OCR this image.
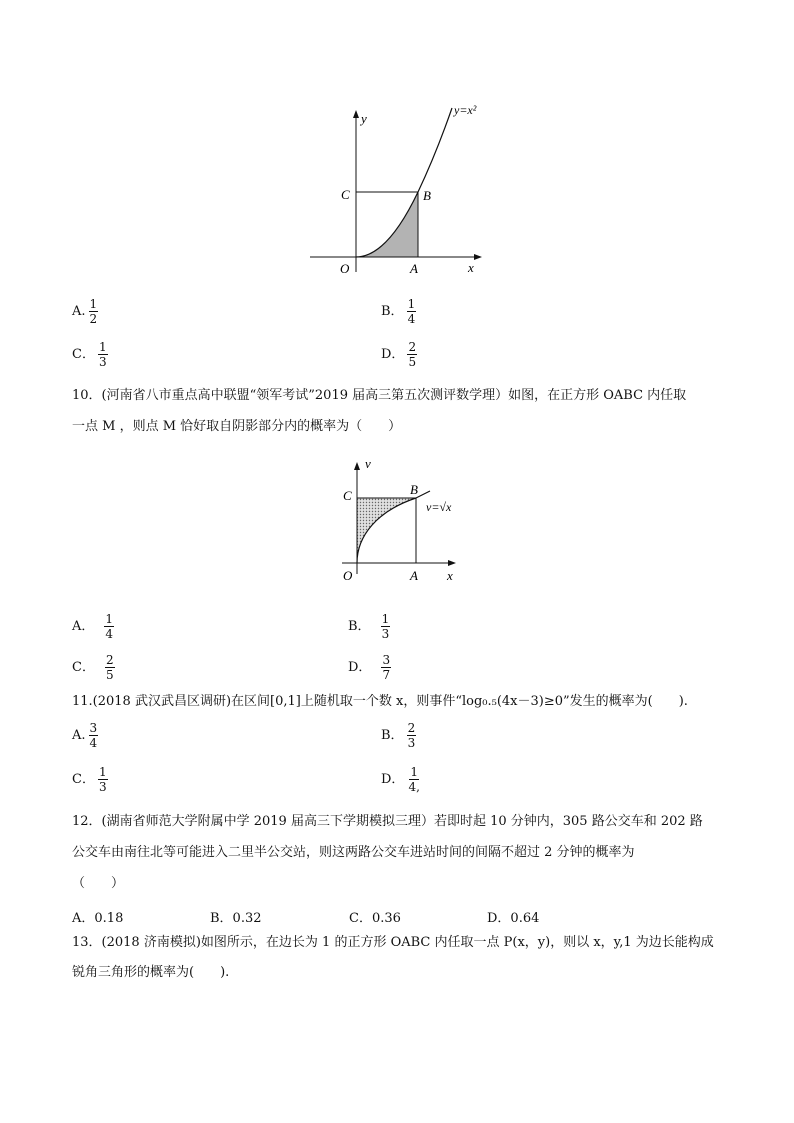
y
y=x²
C	B
O	A	x
A. $\frac{1}{2}$	B． $\frac{1}{4}$
C． $\frac{1}{3}$	D． $\frac{2}{5}$
10．(河南省八市重点高中联盟“领军考试”2019 届高三第五次测评数学理）如图，在正方形 OABC 内任取
一点 M ，则点 M 恰好取自阴影部分内的概率为（　　）
v
C	B
v=√x
O	A x
A． $\frac{1}{4}$	B． $\frac{1}{3}$
C． $\frac{2}{5}$	D． $\frac{3}{7}$
11.(2018 武汉武昌区调研)在区间[0,1]上随机取一个数 x，则事件“log₀.₅(4x－3)≥0”发生的概率为(　　).
A. $\frac{3}{4}$	B． $\frac{2}{3}$
C． $\frac{1}{3}$	D． $\frac{1}{4,}$
12．(湖南省师范大学附属中学 2019 届高三下学期模拟三理）若即时起 10 分钟内，305 路公交车和 202 路
公交车由南往北等可能进入二里半公交站，则这两路公交车进站时间的间隔不超过 2 分钟的概率为
（　　）
A．0.18	B．0.32	C．0.36	D．0.64
13．(2018 济南模拟)如图所示，在边长为 1 的正方形 OABC 内任取一点 P(x，y)，则以 x，y,1 为边长能构成
锐角三角形的概率为(　　).
